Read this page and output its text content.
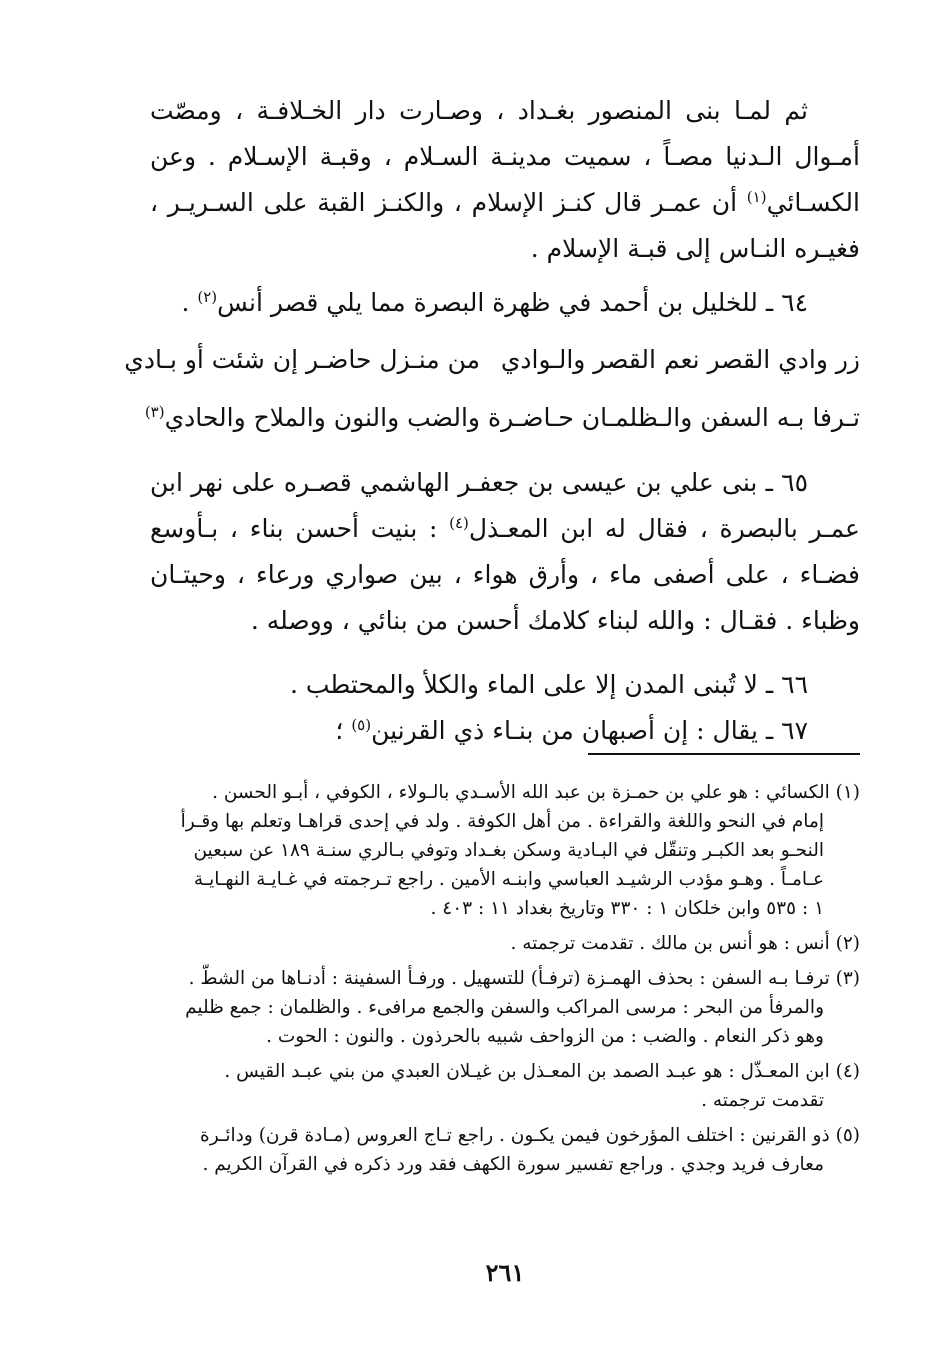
ثم لمـا بنى المنصور بغـداد ، وصـارت دار الخـلافـة ، ومصّت أمـوال الـدنيا مصـاً ، سميت مدينـة السـلام ، وقبـة الإسـلام . وعن الكسـائي$^{(١)}$ أن عمـر قال كنـز الإسلام ، والكنـز القبة على السـريـر ، فغيـره النـاس إلى قبـة الإسلام .

٦٤ ـ للخليل بن أحمد في ظهرة البصرة مما يلي قصر أنس$^{(٢)}$ .

زر وادي القصر نعم القصر والـوادي
من منـزل حاضـر إن شئت أو بـادي
تـرفا بـه السفن والـظلمـان حـاضـرة
والضب والنون والملاح والحادي$^{(٣)}$

٦٥ ـ بنى علي بن عيسى بن جعفـر الهاشمي قصـره على نهر ابن عمـر بالبصرة ، فقال له ابن المعـذل$^{(٤)}$ : بنيت أحسن بناء ، بـأوسع فضـاء ، على أصفى ماء ، وأرق هواء ، بين صواري ورعاء ، وحيتـان وظباء . فقـال : والله لبناء كلامك أحسن من بنائي ، ووصله .

٦٦ ـ لا تُبنى المدن إلا على الماء والكلأ والمحتطب .

٦٧ ـ يقال : إن أصبهان من بنـاء ذي القرنين$^{(٥)}$ ؛

(١) الكسائي : هو علي بن حمـزة بن عبد الله الأسـدي بالـولاء ، الكوفي ، أبـو الحسن .
إمام في النحو واللغة والقراءة . من أهل الكوفة . ولد في إحدى قراهـا وتعلم بها وقـرأ
النحـو بعد الكبـر وتنقّل في البـادية وسكن بغـداد وتوفي بـالري سنـة ١٨٩ عن سبعين
عـامـاً . وهـو مؤدب الرشيـد العباسي وابنـه الأمين . راجع تـرجمته في غـايـة النهـايـة
١ : ٥٣٥ وابن خلكان ١ : ٣٣٠ وتاريخ بغداد ١١ : ٤٠٣ .
(٢) أنس : هو أنس بن مالك . تقدمت ترجمته .
(٣) ترفـا بـه السفن : بحذف الهمـزة (ترفـأ) للتسهيل . ورفـأ السفينة : أدنـاها من الشطّ .
والمرفأ من البحر : مرسى المراكب والسفن والجمع مرافىء . والظلمان : جمع ظليم
وهو ذكر النعام . والضب : من الزواحف شبيه بالحرذون . والنون : الحوت .
(٤) ابن المعـذّل : هو عبـد الصمد بن المعـذل بن غيـلان العبدي من بني عبـد القيس .
تقدمت ترجمته .
(٥) ذو القرنين : اختلف المؤرخون فيمن يكـون . راجع تـاج العروس (مـادة قرن) ودائـرة
معارف فريد وجدي . وراجع تفسير سورة الكهف فقد ورد ذكره في القرآن الكريم .
٢٦١
